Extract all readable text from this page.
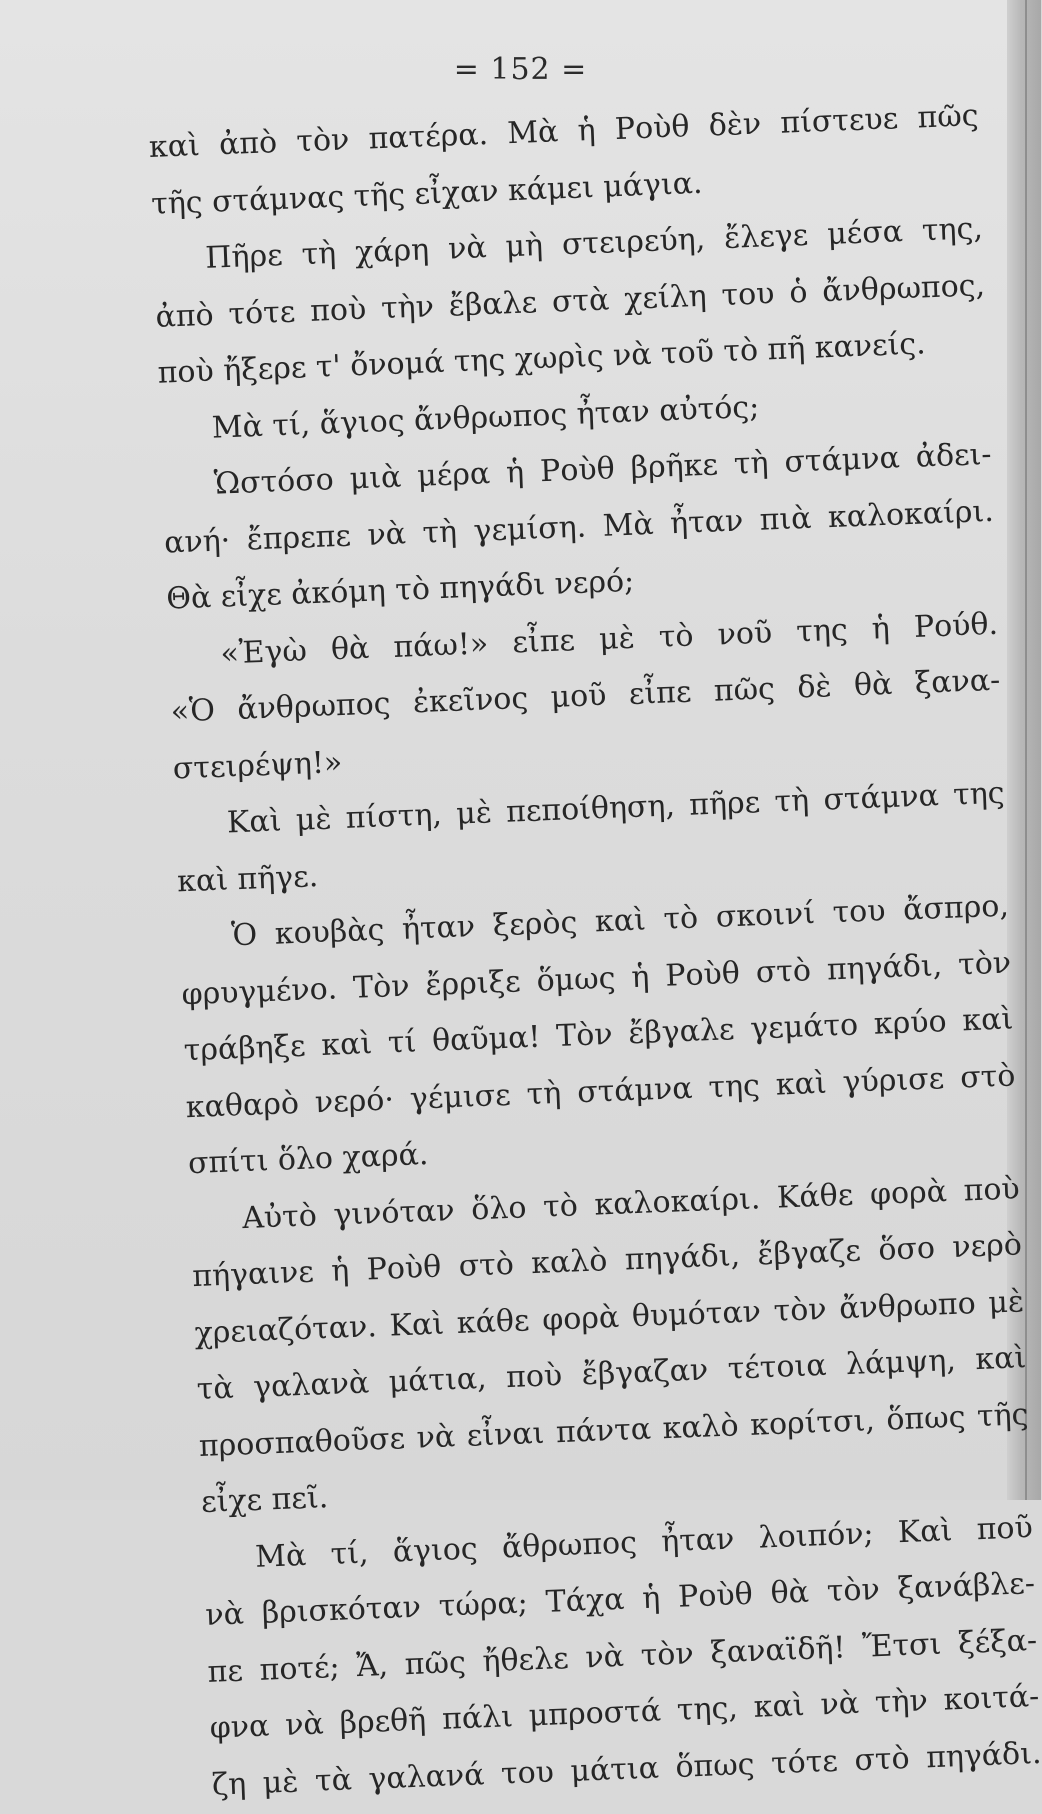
= 152 =
καὶ ἀπὸ τὸν πατέρα. Μὰ ἡ Ρoὺθ δὲν πίστευε πῶς
τῆς στάμνας τῆς εἶχαν κάμει μάγια.
Πῆρε τὴ χάρη νὰ μὴ στειρεύη, ἔλεγε μέσα της,
ἀπὸ τότε ποὺ τὴν ἔβαλε στὰ χείλη του ὁ ἄνθρωπος,
ποὺ ἤξερε τ' ὄνομά της χωρὶς νὰ τοῦ τὸ πῆ κανείς.
Μὰ τί, ἅγιος ἄνθρωπος ἦταν αὐτός;
Ὡστόσο μιὰ μέρα ἡ Ρoὺθ βρῆκε τὴ στάμνα ἀδει-
ανή· ἔπρεπε νὰ τὴ γεμίση. Μὰ ἦταν πιὰ καλοκαίρι.
Θὰ εἶχε ἀκόμη τὸ πηγάδι νερό;
«Ἐγὼ θὰ πάω!» εἶπε μὲ τὸ νοῦ της ἡ Ρoύθ.
«Ὁ ἄνθρωπος ἐκεῖνος μοῦ εἶπε πῶς δὲ θὰ ξανα-
στειρέψη!»
Καὶ μὲ πίστη, μὲ πεποίθηση, πῆρε τὴ στάμνα της
καὶ πῆγε.
Ὁ κουβὰς ἦταν ξερὸς καὶ τὸ σκοινί του ἄσπρο,
φρυγμένο. Τὸν ἔρριξε ὅμως ἡ Ρoὺθ στὸ πηγάδι, τὸν
τράβηξε καὶ τί θαῦμα! Τὸν ἔβγαλε γεμάτο κρύο καὶ
καθαρὸ νερό· γέμισε τὴ στάμνα της καὶ γύρισε στὸ
σπίτι ὅλο χαρά.
Αὐτὸ γινόταν ὅλο τὸ καλοκαίρι. Κάθε φορὰ ποὺ
πήγαινε ἡ Ρoὺθ στὸ καλὸ πηγάδι, ἔβγαζε ὅσο νερὸ
χρειαζόταν. Καὶ κάθε φορὰ θυμόταν τὸν ἄνθρωπο μὲ
τὰ γαλανὰ μάτια, ποὺ ἔβγαζαν τέτοια λάμψη, καὶ
προσπαθοῦσε νὰ εἶναι πάντα καλὸ κορίτσι, ὅπως τῆς
εἶχε πεῖ.
Μὰ τί, ἅγιος ἄθρωπος ἦταν λοιπόν; Καὶ ποῦ
νὰ βρισκόταν τώρα; Τάχα ἡ Ρoὺθ θὰ τὸν ξανάβλε-
πε ποτέ; Ἄ, πῶς ἤθελε νὰ τὸν ξαναϊδῆ! Ἔτσι ξέξα-
φνα νὰ βρεθῆ πάλι μπροστά της, καὶ νὰ τὴν κοιτά-
ζη μὲ τὰ γαλανά του μάτια ὅπως τότε στὸ πηγάδι.
